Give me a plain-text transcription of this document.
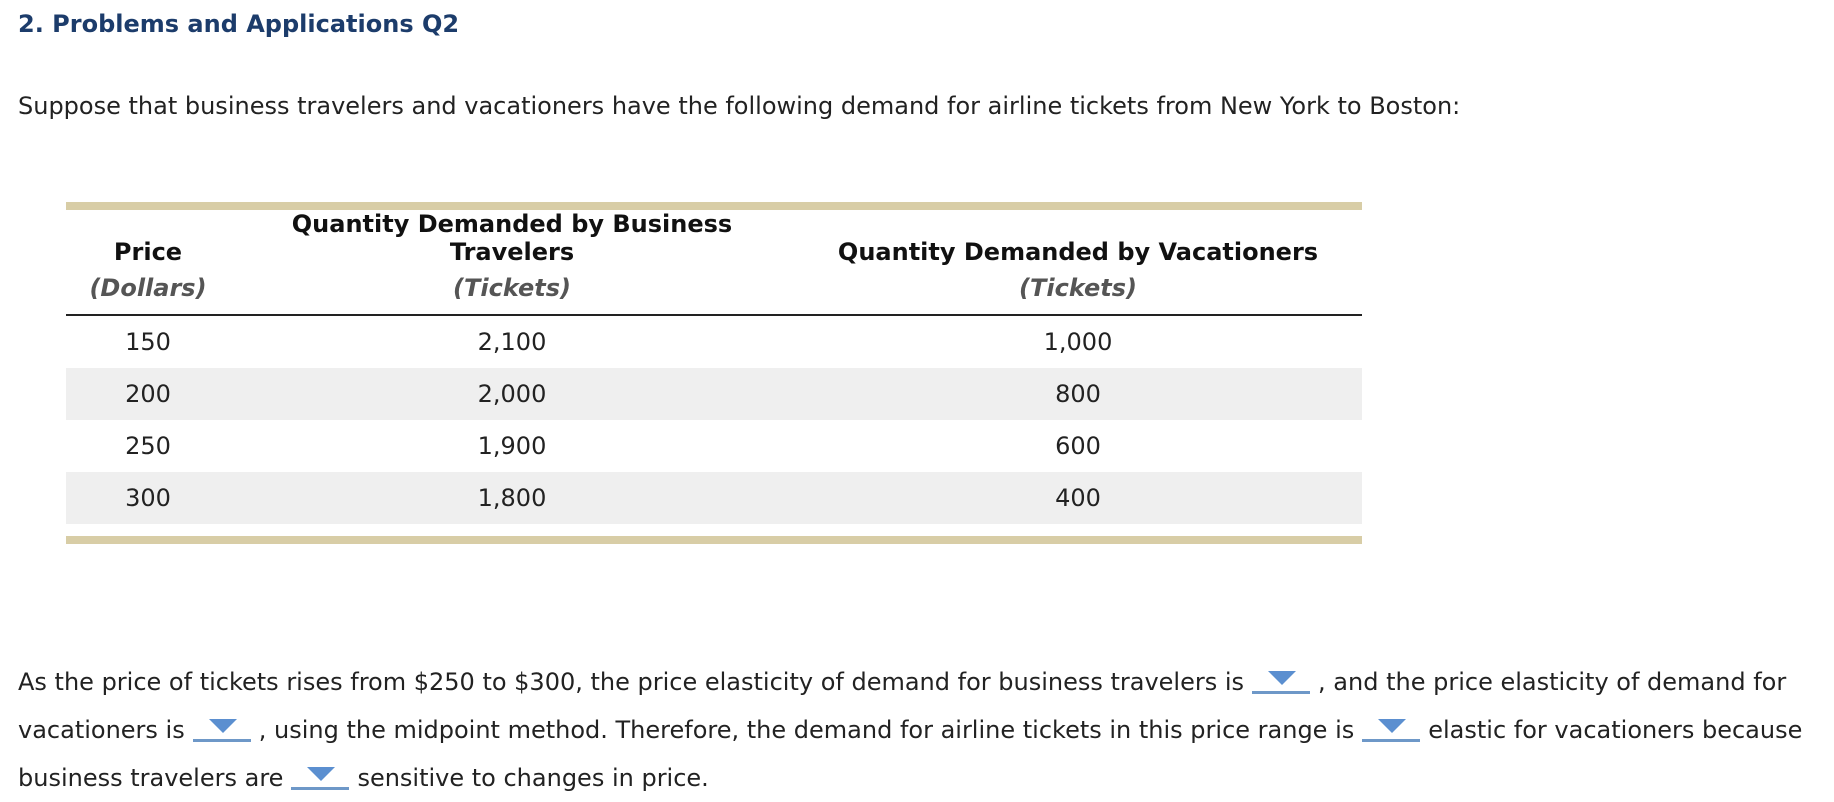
2. Problems and Applications Q2
Suppose that business travelers and vacationers have the following demand for airline tickets from New York to Boston:
Price	Quantity Demanded by Business Travelers	Quantity Demanded by Vacationers
(Dollars)	(Tickets)	(Tickets)
150	2,100	1,000
200	2,000	800
250	1,900	600
300	1,800	400
As the price of tickets rises from $250 to $300, the price elasticity of demand for business travelers is	, and the price elasticity of demand for
vacationers is	, using the midpoint method. Therefore, the demand for airline tickets in this price range is	elastic for vacationers because
business travelers are	sensitive to changes in price.
